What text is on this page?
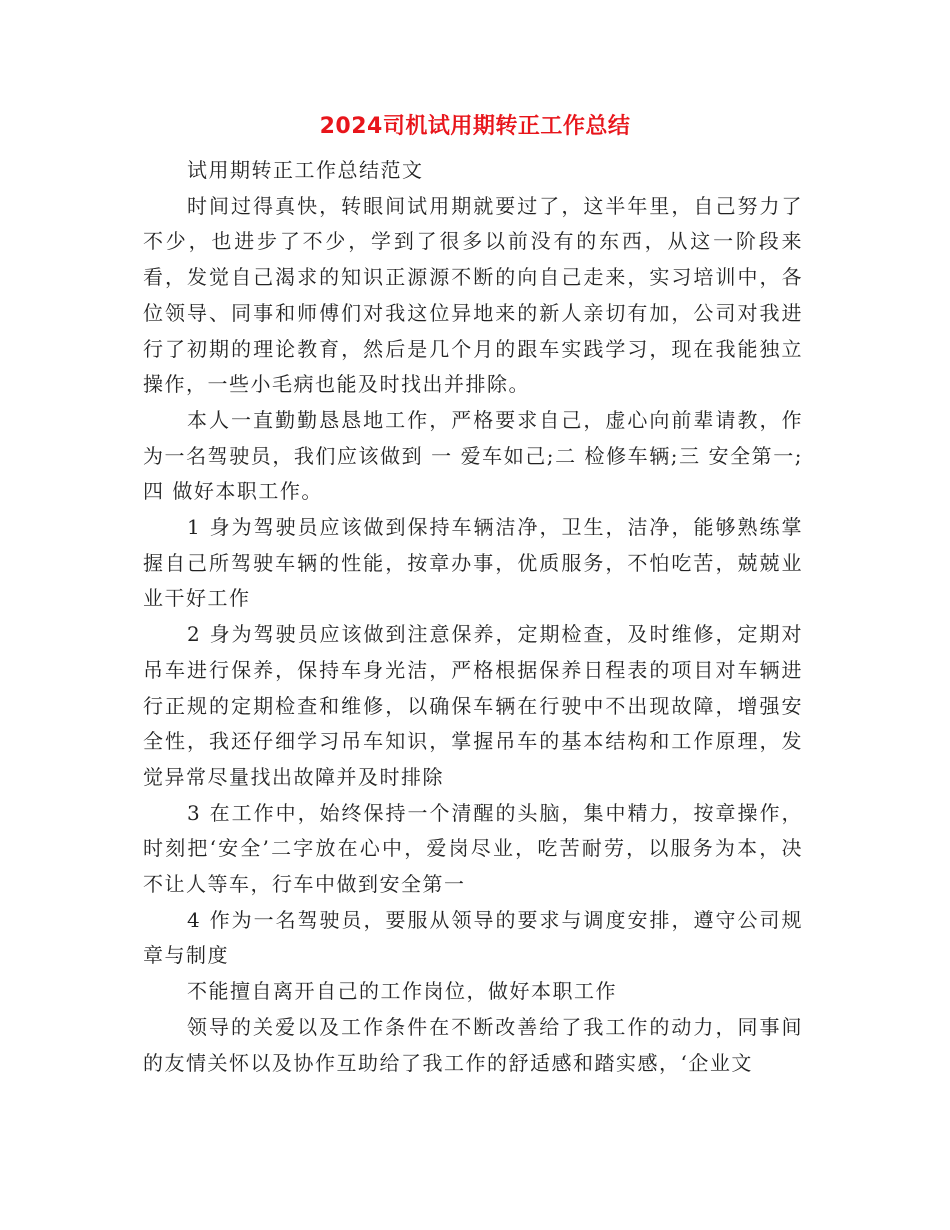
2024司机试用期转正工作总结

试用期转正工作总结范文

时间过得真快，转眼间试用期就要过了，这半年里，自己努力了不少，也进步了不少，学到了很多以前没有的东西，从这一阶段来看，发觉自己渴求的知识正源源不断的向自己走来，实习培训中，各位领导、同事和师傅们对我这位异地来的新人亲切有加，公司对我进行了初期的理论教育，然后是几个月的跟车实践学习，现在我能独立操作，一些小毛病也能及时找出并排除。

本人一直勤勤恳恳地工作，严格要求自己，虚心向前辈请教，作为一名驾驶员，我们应该做到 一 爱车如己;二 检修车辆;三 安全第一;四 做好本职工作。

1 身为驾驶员应该做到保持车辆洁净，卫生，洁净，能够熟练掌握自己所驾驶车辆的性能，按章办事，优质服务，不怕吃苦，兢兢业业干好工作

2 身为驾驶员应该做到注意保养，定期检查，及时维修，定期对吊车进行保养，保持车身光洁，严格根据保养日程表的项目对车辆进行正规的定期检查和维修，以确保车辆在行驶中不出现故障，增强安全性，我还仔细学习吊车知识，掌握吊车的基本结构和工作原理，发觉异常尽量找出故障并及时排除

3 在工作中，始终保持一个清醒的头脑，集中精力，按章操作，时刻把‘安全’二字放在心中，爱岗尽业，吃苦耐劳，以服务为本，决不让人等车，行车中做到安全第一

4 作为一名驾驶员，要服从领导的要求与调度安排，遵守公司规章与制度

不能擅自离开自己的工作岗位，做好本职工作

领导的关爱以及工作条件在不断改善给了我工作的动力，同事间的友情关怀以及协作互助给了我工作的舒适感和踏实感，‘企业文
